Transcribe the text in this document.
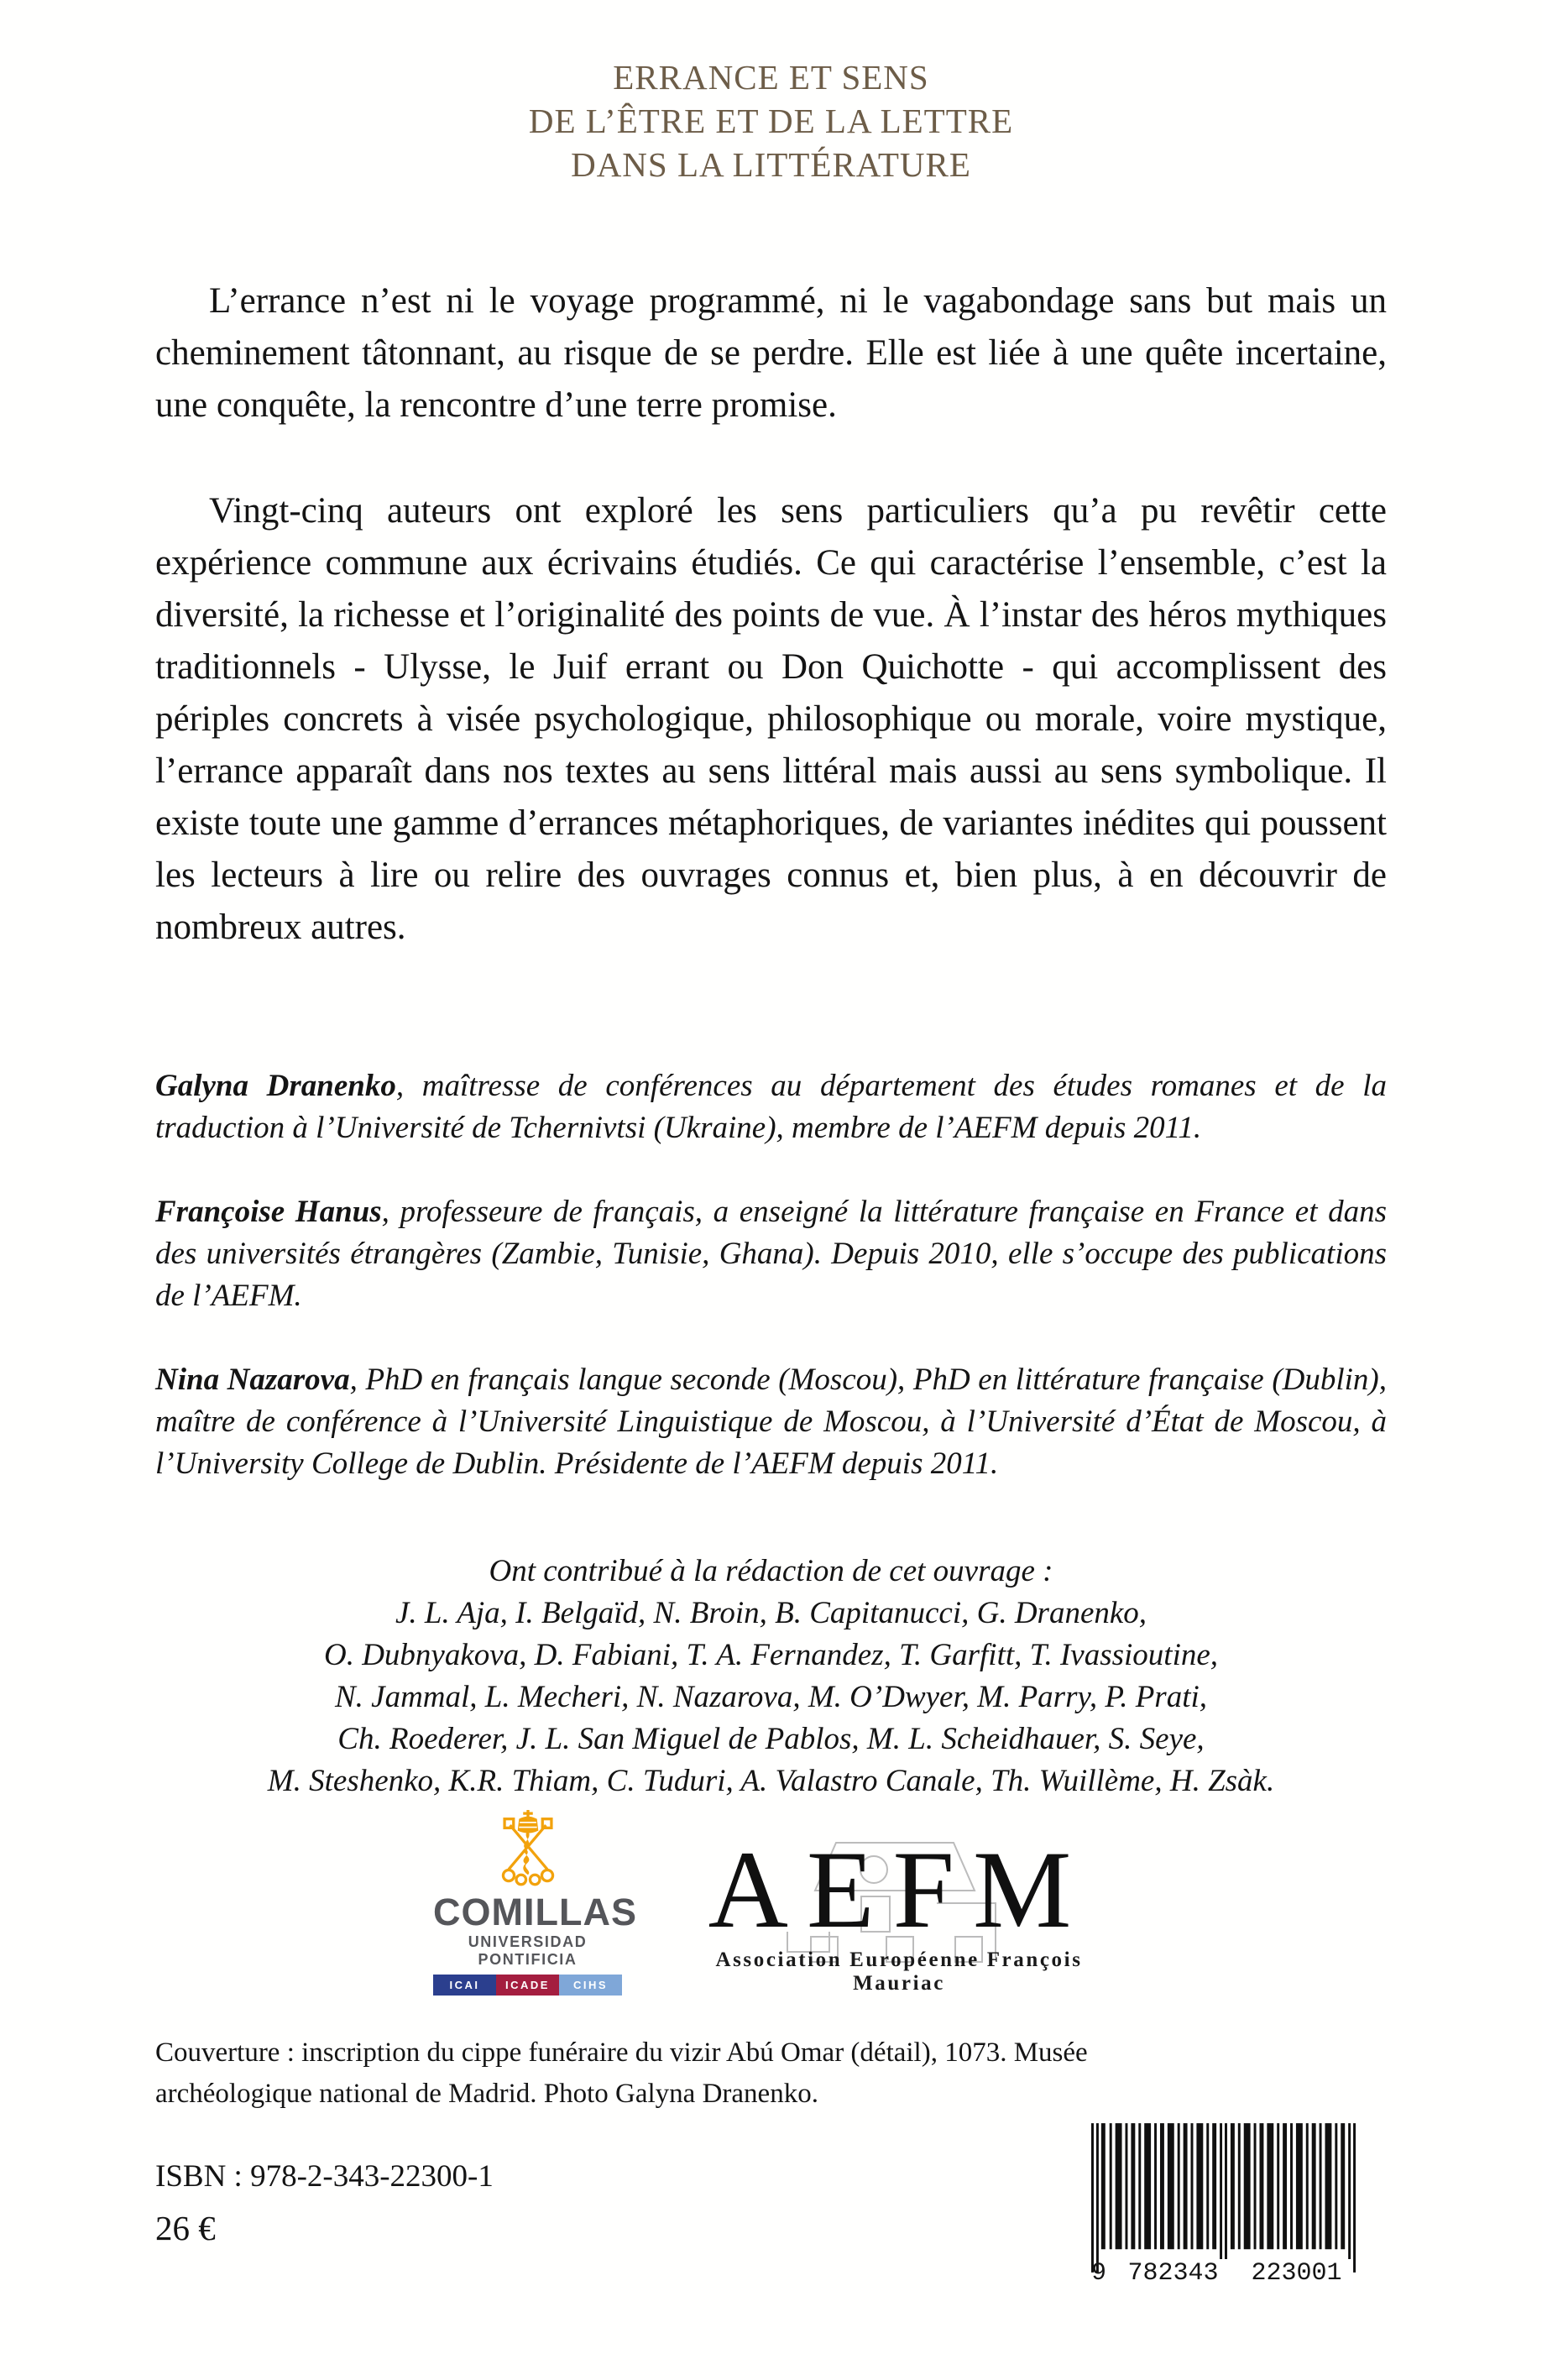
ERRANCE ET SENS
DE L’ÊTRE ET DE LA LETTRE
DANS LA LITTÉRATURE

L’errance n’est ni le voyage programmé, ni le vagabondage sans but mais un cheminement tâtonnant, au risque de se perdre. Elle est liée à une quête incertaine, une conquête, la rencontre d’une terre promise.

Vingt-cinq auteurs ont exploré les sens particuliers qu’a pu revêtir cette expérience commune aux écrivains étudiés. Ce qui caractérise l’ensemble, c’est la diversité, la richesse et l’originalité des points de vue. À l’instar des héros mythiques traditionnels - Ulysse, le Juif errant ou Don Quichotte - qui accomplissent des périples concrets à visée psychologique, philosophique ou morale, voire mystique, l’errance apparaît dans nos textes au sens littéral mais aussi au sens symbolique. Il existe toute une gamme d’errances métaphoriques, de variantes inédites qui poussent les lecteurs à lire ou relire des ouvrages connus et, bien plus, à en découvrir de nombreux autres.

Galyna Dranenko, maîtresse de conférences au département des études romanes et de la traduction à l’Université de Tchernivtsi (Ukraine), membre de l’AEFM depuis 2011.

Françoise Hanus, professeure de français, a enseigné la littérature française en France et dans des universités étrangères (Zambie, Tunisie, Ghana). Depuis 2010, elle s’occupe des publications de l’AEFM.

Nina Nazarova, PhD en français langue seconde (Moscou), PhD en littérature française (Dublin), maître de conférence à l’Université Linguistique de Moscou, à l’Université d’État de Moscou, à l’University College de Dublin. Présidente de l’AEFM depuis 2011.

Ont contribué à la rédaction de cet ouvrage :
J. L. Aja, I. Belgaïd, N. Broin, B. Capitanucci, G. Dranenko,
O. Dubnyakova, D. Fabiani, T. A. Fernandez, T. Garfitt, T. Ivassioutine,
N. Jammal, L. Mecheri, N. Nazarova, M. O’Dwyer, M. Parry, P. Prati,
Ch. Roederer, J. L. San Miguel de Pablos, M. L. Scheidhauer, S. Seye,
M. Steshenko, K.R. Thiam, C. Tuduri, A. Valastro Canale, Th. Wuillème, H. Zsàk.
COMILLAS
UNIVERSIDAD PONTIFICIA
ICAI	ICADE	CIHS
AEFM
Association Européenne François Mauriac

Couverture : inscription du cippe funéraire du vizir Abú Omar (détail), 1073. Musée archéologique national de Madrid. Photo Galyna Dranenko.

ISBN : 978-2-343-22300-1
26 €
9 782343	223001
